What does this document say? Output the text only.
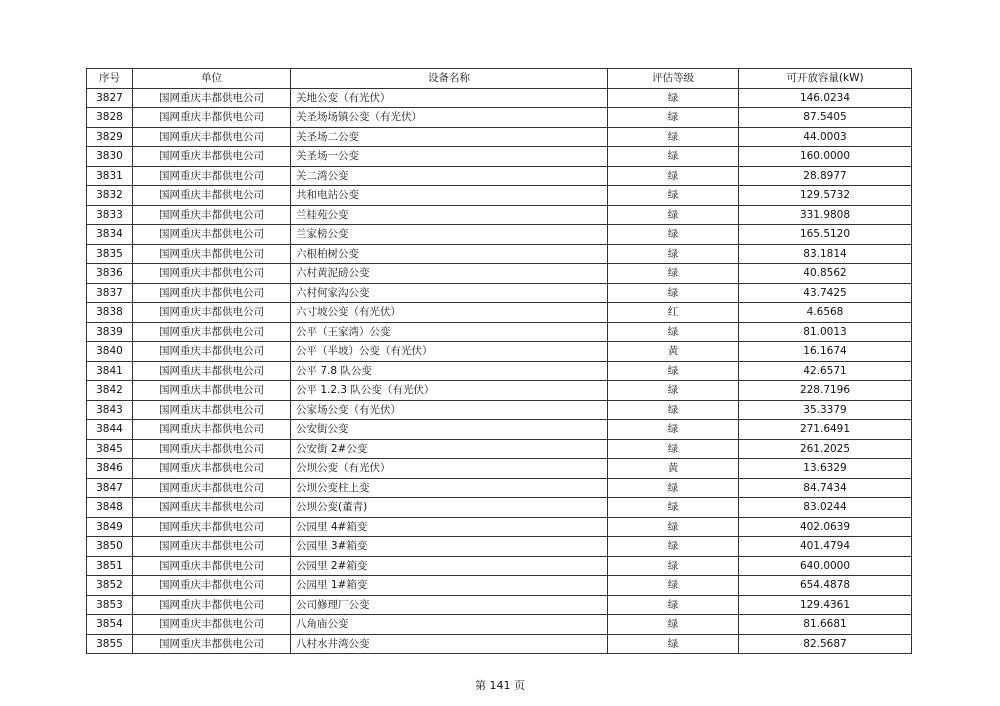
序号	单位	设备名称	评估等级	可开放容量(kW)
3827	国网重庆丰都供电公司	关地公变（有光伏）	绿	146.0234
3828	国网重庆丰都供电公司	关圣场场镇公变（有光伏）	绿	87.5405
3829	国网重庆丰都供电公司	关圣场二公变	绿	44.0003
3830	国网重庆丰都供电公司	关圣场一公变	绿	160.0000
3831	国网重庆丰都供电公司	关二湾公变	绿	28.8977
3832	国网重庆丰都供电公司	共和电站公变	绿	129.5732
3833	国网重庆丰都供电公司	兰桂苑公变	绿	331.9808
3834	国网重庆丰都供电公司	兰家榜公变	绿	165.5120
3835	国网重庆丰都供电公司	六根柏树公变	绿	83.1814
3836	国网重庆丰都供电公司	六村黄泥磅公变	绿	40.8562
3837	国网重庆丰都供电公司	六村何家沟公变	绿	43.7425
3838	国网重庆丰都供电公司	六寸坡公变（有光伏）	红	4.6568
3839	国网重庆丰都供电公司	公平（王家湾）公变	绿	81.0013
3840	国网重庆丰都供电公司	公平（半坡）公变（有光伏）	黄	16.1674
3841	国网重庆丰都供电公司	公平 7.8 队公变	绿	42.6571
3842	国网重庆丰都供电公司	公平 1.2.3 队公变（有光伏）	绿	228.7196
3843	国网重庆丰都供电公司	公家场公变（有光伏）	绿	35.3379
3844	国网重庆丰都供电公司	公安街公变	绿	271.6491
3845	国网重庆丰都供电公司	公安街 2#公变	绿	261.2025
3846	国网重庆丰都供电公司	公坝公变（有光伏）	黄	13.6329
3847	国网重庆丰都供电公司	公坝公变柱上变	绿	84.7434
3848	国网重庆丰都供电公司	公坝公变(董青)	绿	83.0244
3849	国网重庆丰都供电公司	公园里 4#箱变	绿	402.0639
3850	国网重庆丰都供电公司	公园里 3#箱变	绿	401.4794
3851	国网重庆丰都供电公司	公园里 2#箱变	绿	640.0000
3852	国网重庆丰都供电公司	公园里 1#箱变	绿	654.4878
3853	国网重庆丰都供电公司	公司修理厂公变	绿	129.4361
3854	国网重庆丰都供电公司	八角庙公变	绿	81.6681
3855	国网重庆丰都供电公司	八村水井湾公变	绿	82.5687
第 141 页
